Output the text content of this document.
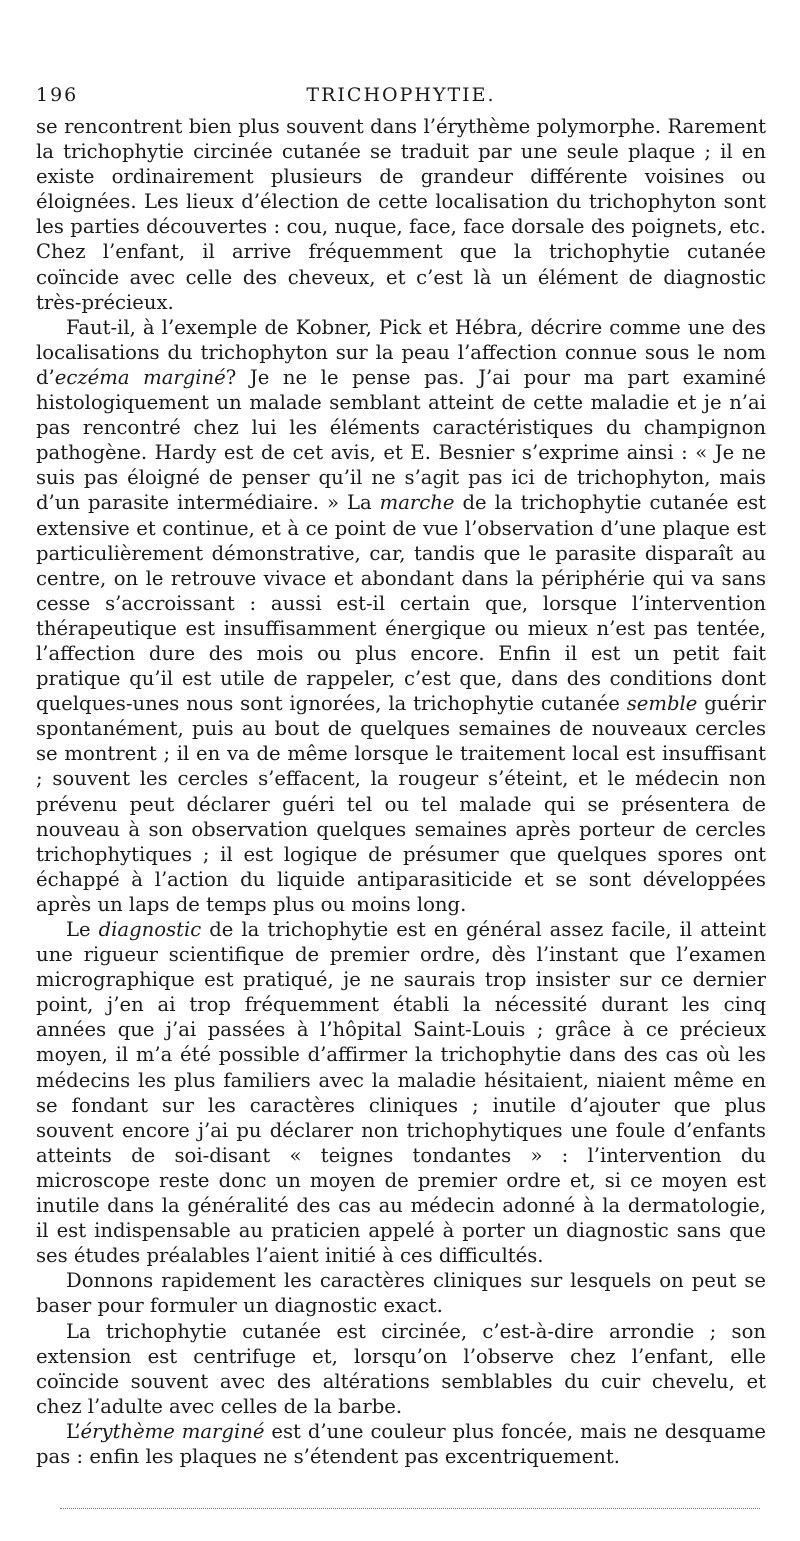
196	TRICHOPHYTIE.

se rencontrent bien plus souvent dans l’érythème polymorphe. Rarement la trichophytie circinée cutanée se traduit par une seule plaque ; il en existe ordinairement plusieurs de grandeur différente voisines ou éloignées. Les lieux d’élection de cette localisation du trichophyton sont les parties découvertes : cou, nuque, face, face dorsale des poignets, etc. Chez l’enfant, il arrive fréquemment que la trichophytie cutanée coïncide avec celle des cheveux, et c’est là un élément de diagnostic très-précieux.

Faut-il, à l’exemple de Kobner, Pick et Hébra, décrire comme une des localisations du trichophyton sur la peau l’affection connue sous le nom d’eczéma marginé? Je ne le pense pas. J’ai pour ma part examiné histologiquement un malade semblant atteint de cette maladie et je n’ai pas rencontré chez lui les éléments caractéristiques du champignon pathogène. Hardy est de cet avis, et E. Besnier s’exprime ainsi : « Je ne suis pas éloigné de penser qu’il ne s’agit pas ici de trichophyton, mais d’un parasite intermédiaire. » La marche de la trichophytie cutanée est extensive et continue, et à ce point de vue l’observation d’une plaque est particulièrement démonstrative, car, tandis que le parasite disparaît au centre, on le retrouve vivace et abondant dans la périphérie qui va sans cesse s’accroissant : aussi est-il certain que, lorsque l’intervention thérapeutique est insuffisamment énergique ou mieux n’est pas tentée, l’affection dure des mois ou plus encore. Enfin il est un petit fait pratique qu’il est utile de rappeler, c’est que, dans des conditions dont quelques-unes nous sont ignorées, la trichophytie cutanée semble guérir spontanément, puis au bout de quelques semaines de nouveaux cercles se montrent ; il en va de même lorsque le traitement local est insuffisant ; souvent les cercles s’effacent, la rougeur s’éteint, et le médecin non prévenu peut déclarer guéri tel ou tel malade qui se présentera de nouveau à son observation quelques semaines après porteur de cercles trichophytiques ; il est logique de présumer que quelques spores ont échappé à l’action du liquide antiparasiticide et se sont développées après un laps de temps plus ou moins long.

Le diagnostic de la trichophytie est en général assez facile, il atteint une rigueur scientifique de premier ordre, dès l’instant que l’examen micrographique est pratiqué, je ne saurais trop insister sur ce dernier point, j’en ai trop fréquemment établi la nécessité durant les cinq années que j’ai passées à l’hôpital Saint-Louis ; grâce à ce précieux moyen, il m’a été possible d’affirmer la trichophytie dans des cas où les médecins les plus familiers avec la maladie hésitaient, niaient même en se fondant sur les caractères cliniques ; inutile d’ajouter que plus souvent encore j’ai pu déclarer non trichophytiques une foule d’enfants atteints de soi-disant « teignes tondantes » : l’intervention du microscope reste donc un moyen de premier ordre et, si ce moyen est inutile dans la généralité des cas au médecin adonné à la dermatologie, il est indispensable au praticien appelé à porter un diagnostic sans que ses études préalables l’aient initié à ces difficultés.

Donnons rapidement les caractères cliniques sur lesquels on peut se baser pour formuler un diagnostic exact.

La trichophytie cutanée est circinée, c’est-à-dire arrondie ; son extension est centrifuge et, lorsqu’on l’observe chez l’enfant, elle coïncide souvent avec des altérations semblables du cuir chevelu, et chez l’adulte avec celles de la barbe.

L’érythème marginé est d’une couleur plus foncée, mais ne desquame pas : enfin les plaques ne s’étendent pas excentriquement.
